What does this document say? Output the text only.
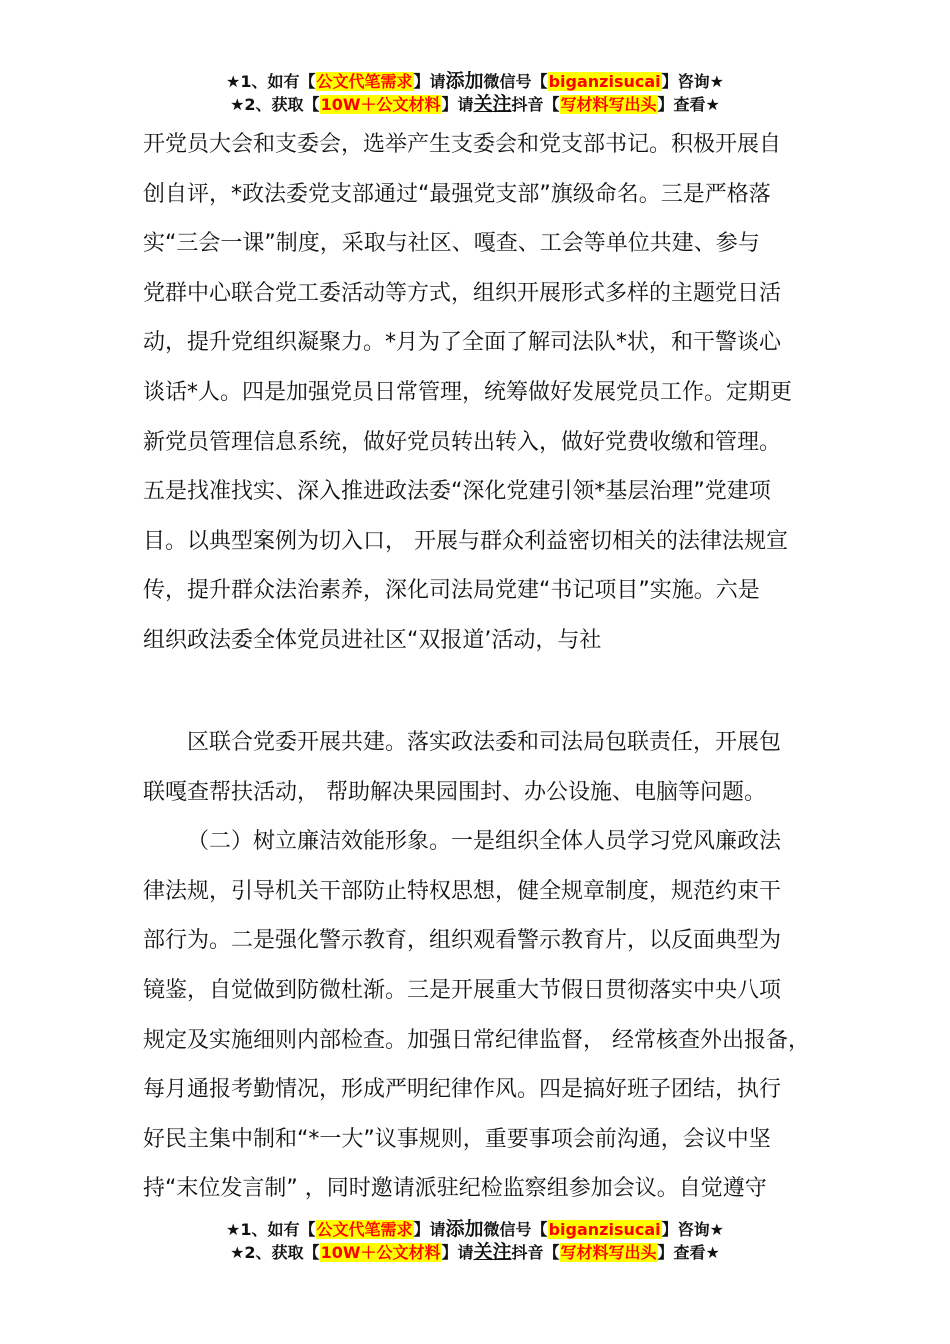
★1、如有【公文代笔需求】请添加微信号【biganzisucai】咨询★
★2、获取【10W＋公文材料】请关注抖音【写材料写出头】查看★

开党员大会和支委会，选举产生支委会和党支部书记。积极开展自

创自评，*政法委党支部通过“最强党支部”旗级命名。三是严格落

实“三会一课”制度，采取与社区、嘎查、工会等单位共建、参与

党群中心联合党工委活动等方式，组织开展形式多样的主题党日活

动，提升党组织凝聚力。*月为了全面了解司法队*状，和干警谈心

谈话*人。四是加强党员日常管理，统筹做好发展党员工作。定期更

新党员管理信息系统，做好党员转出转入，做好党费收缴和管理。

五是找准找实、深入推进政法委“深化党建引领*基层治理”党建项

目。以典型案例为切入口， 开展与群众利益密切相关的法律法规宣

传，提升群众法治素养，深化司法局党建“书记项目”实施。六是

组织政法委全体党员进社区“双报道’活动，与社

区联合党委开展共建。落实政法委和司法局包联责任，开展包

联嘎查帮扶活动， 帮助解决果园围封、办公设施、电脑等问题。

（二）树立廉洁效能形象。一是组织全体人员学习党风廉政法

律法规，引导机关干部防止特权思想，健全规章制度，规范约束干

部行为。二是强化警示教育，组织观看警示教育片，以反面典型为

镜鉴，自觉做到防微杜渐。三是开展重大节假日贯彻落实中央八项

规定及实施细则内部检查。加强日常纪律监督， 经常核查外出报备，

每月通报考勤情况，形成严明纪律作风。四是搞好班子团结，执行

好民主集中制和“*一大”议事规则，重要事项会前沟通，会议中坚

持“末位发言制” ，同时邀请派驻纪检监察组参加会议。自觉遵守

★1、如有【公文代笔需求】请添加微信号【biganzisucai】咨询★
★2、获取【10W＋公文材料】请关注抖音【写材料写出头】查看★
